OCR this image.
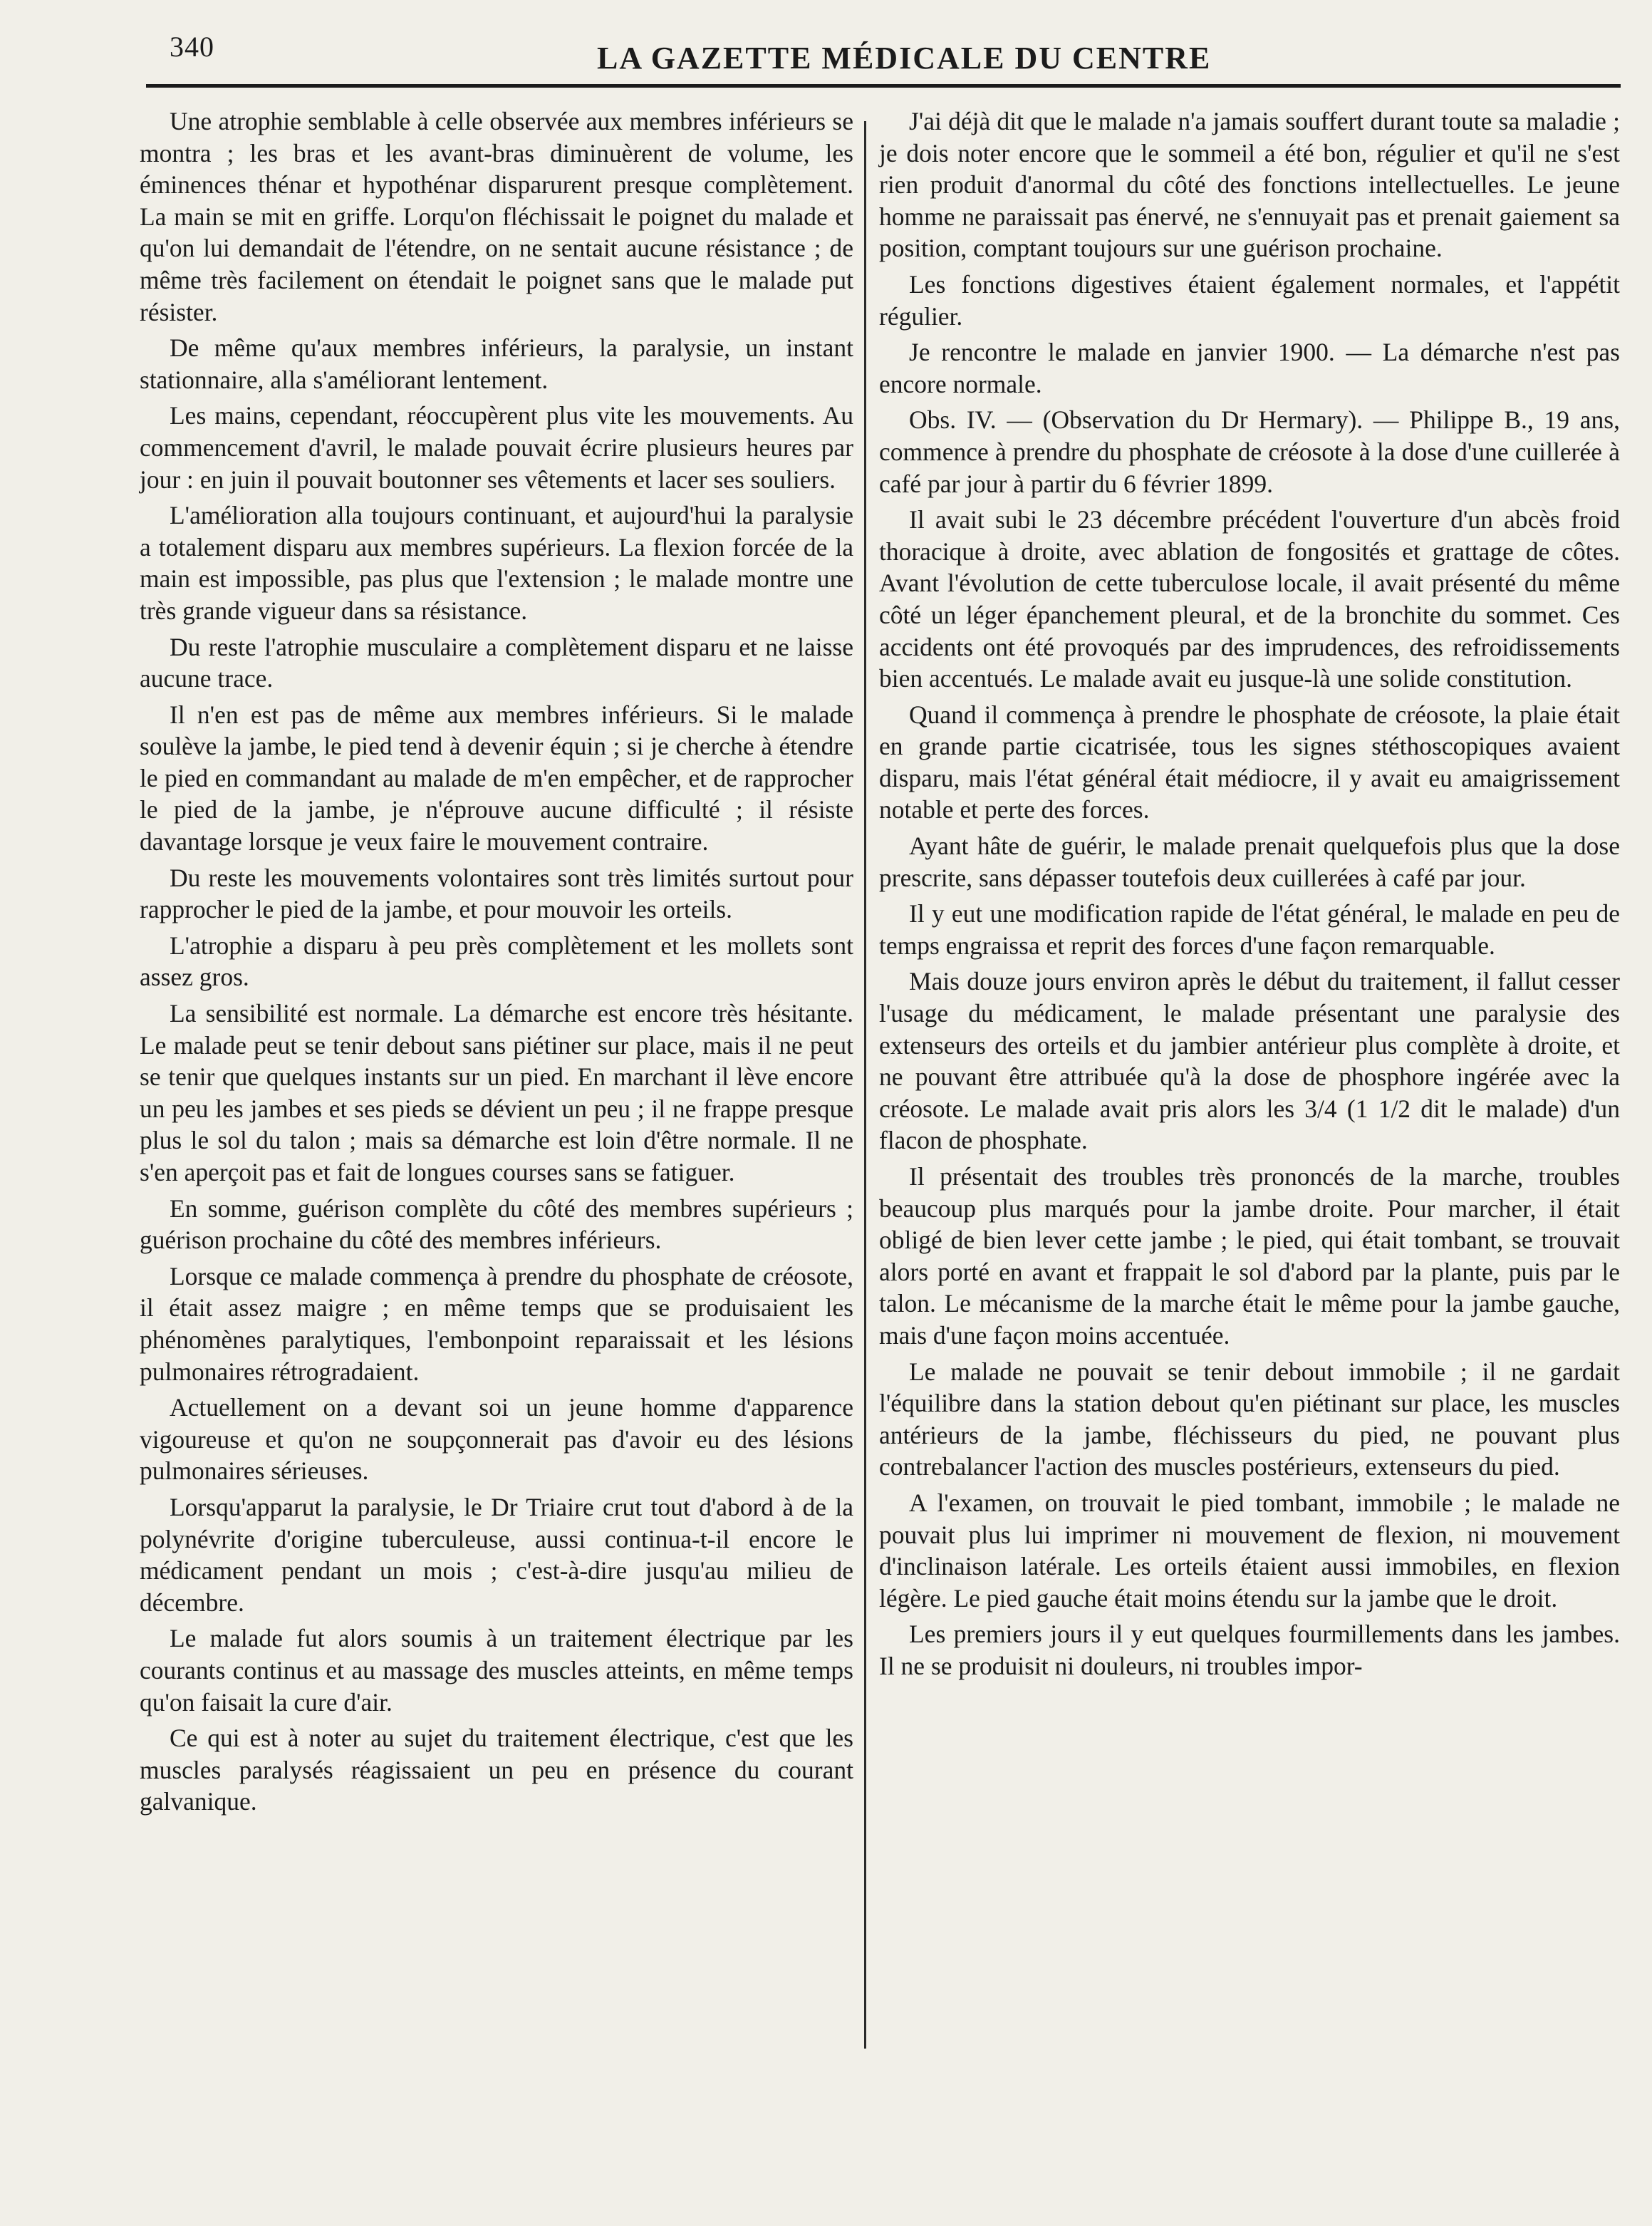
340	LA GAZETTE MÉDICALE DU CENTRE

Une atrophie semblable à celle observée aux membres inférieurs se montra ; les bras et les avant-bras diminuèrent de volume, les éminences thénar et hypothénar disparurent presque complètement. La main se mit en griffe. Lorqu'on fléchissait le poignet du malade et qu'on lui demandait de l'étendre, on ne sentait aucune résistance ; de même très facilement on étendait le poignet sans que le malade put résister.

De même qu'aux membres inférieurs, la paralysie, un instant stationnaire, alla s'améliorant lentement.

Les mains, cependant, réoccupèrent plus vite les mouvements. Au commencement d'avril, le malade pouvait écrire plusieurs heures par jour : en juin il pouvait boutonner ses vêtements et lacer ses souliers.

L'amélioration alla toujours continuant, et aujourd'hui la paralysie a totalement disparu aux membres supérieurs. La flexion forcée de la main est impossible, pas plus que l'extension ; le malade montre une très grande vigueur dans sa résistance.

Du reste l'atrophie musculaire a complètement disparu et ne laisse aucune trace.

Il n'en est pas de même aux membres inférieurs. Si le malade soulève la jambe, le pied tend à devenir équin ; si je cherche à étendre le pied en commandant au malade de m'en empêcher, et de rapprocher le pied de la jambe, je n'éprouve aucune difficulté ; il résiste davantage lorsque je veux faire le mouvement contraire.

Du reste les mouvements volontaires sont très limités surtout pour rapprocher le pied de la jambe, et pour mouvoir les orteils.

L'atrophie a disparu à peu près complètement et les mollets sont assez gros.

La sensibilité est normale. La démarche est encore très hésitante. Le malade peut se tenir debout sans piétiner sur place, mais il ne peut se tenir que quelques instants sur un pied. En marchant il lève encore un peu les jambes et ses pieds se dévient un peu ; il ne frappe presque plus le sol du talon ; mais sa démarche est loin d'être normale. Il ne s'en aperçoit pas et fait de longues courses sans se fatiguer.

En somme, guérison complète du côté des membres supérieurs ; guérison prochaine du côté des membres inférieurs.

Lorsque ce malade commença à prendre du phosphate de créosote, il était assez maigre ; en même temps que se produisaient les phénomènes paralytiques, l'embonpoint reparaissait et les lésions pulmonaires rétrogradaient.

Actuellement on a devant soi un jeune homme d'apparence vigoureuse et qu'on ne soupçonnerait pas d'avoir eu des lésions pulmonaires sérieuses.

Lorsqu'apparut la paralysie, le Dr Triaire crut tout d'abord à de la polynévrite d'origine tuberculeuse, aussi continua-t-il encore le médicament pendant un mois ; c'est-à-dire jusqu'au milieu de décembre.

Le malade fut alors soumis à un traitement électrique par les courants continus et au massage des muscles atteints, en même temps qu'on faisait la cure d'air.

Ce qui est à noter au sujet du traitement électrique, c'est que les muscles paralysés réagissaient un peu en présence du courant galvanique.

J'ai déjà dit que le malade n'a jamais souffert durant toute sa maladie ; je dois noter encore que le sommeil a été bon, régulier et qu'il ne s'est rien produit d'anormal du côté des fonctions intellectuelles. Le jeune homme ne paraissait pas énervé, ne s'ennuyait pas et prenait gaiement sa position, comptant toujours sur une guérison prochaine.

Les fonctions digestives étaient également normales, et l'appétit régulier.

Je rencontre le malade en janvier 1900. — La démarche n'est pas encore normale.

Obs. IV. — (Observation du Dr Hermary). — Philippe B., 19 ans, commence à prendre du phosphate de créosote à la dose d'une cuillerée à café par jour à partir du 6 février 1899.

Il avait subi le 23 décembre précédent l'ouverture d'un abcès froid thoracique à droite, avec ablation de fongosités et grattage de côtes. Avant l'évolution de cette tuberculose locale, il avait présenté du même côté un léger épanchement pleural, et de la bronchite du sommet. Ces accidents ont été provoqués par des imprudences, des refroidissements bien accentués. Le malade avait eu jusque-là une solide constitution.

Quand il commença à prendre le phosphate de créosote, la plaie était en grande partie cicatrisée, tous les signes stéthoscopiques avaient disparu, mais l'état général était médiocre, il y avait eu amaigrissement notable et perte des forces.

Ayant hâte de guérir, le malade prenait quelquefois plus que la dose prescrite, sans dépasser toutefois deux cuillerées à café par jour.

Il y eut une modification rapide de l'état général, le malade en peu de temps engraissa et reprit des forces d'une façon remarquable.

Mais douze jours environ après le début du traitement, il fallut cesser l'usage du médicament, le malade présentant une paralysie des extenseurs des orteils et du jambier antérieur plus complète à droite, et ne pouvant être attribuée qu'à la dose de phosphore ingérée avec la créosote. Le malade avait pris alors les 3/4 (1 1/2 dit le malade) d'un flacon de phosphate.

Il présentait des troubles très prononcés de la marche, troubles beaucoup plus marqués pour la jambe droite. Pour marcher, il était obligé de bien lever cette jambe ; le pied, qui était tombant, se trouvait alors porté en avant et frappait le sol d'abord par la plante, puis par le talon. Le mécanisme de la marche était le même pour la jambe gauche, mais d'une façon moins accentuée.

Le malade ne pouvait se tenir debout immobile ; il ne gardait l'équilibre dans la station debout qu'en piétinant sur place, les muscles antérieurs de la jambe, fléchisseurs du pied, ne pouvant plus contrebalancer l'action des muscles postérieurs, extenseurs du pied.

A l'examen, on trouvait le pied tombant, immobile ; le malade ne pouvait plus lui imprimer ni mouvement de flexion, ni mouvement d'inclinaison latérale. Les orteils étaient aussi immobiles, en flexion légère. Le pied gauche était moins étendu sur la jambe que le droit.

Les premiers jours il y eut quelques fourmillements dans les jambes. Il ne se produisit ni douleurs, ni troubles impor-
